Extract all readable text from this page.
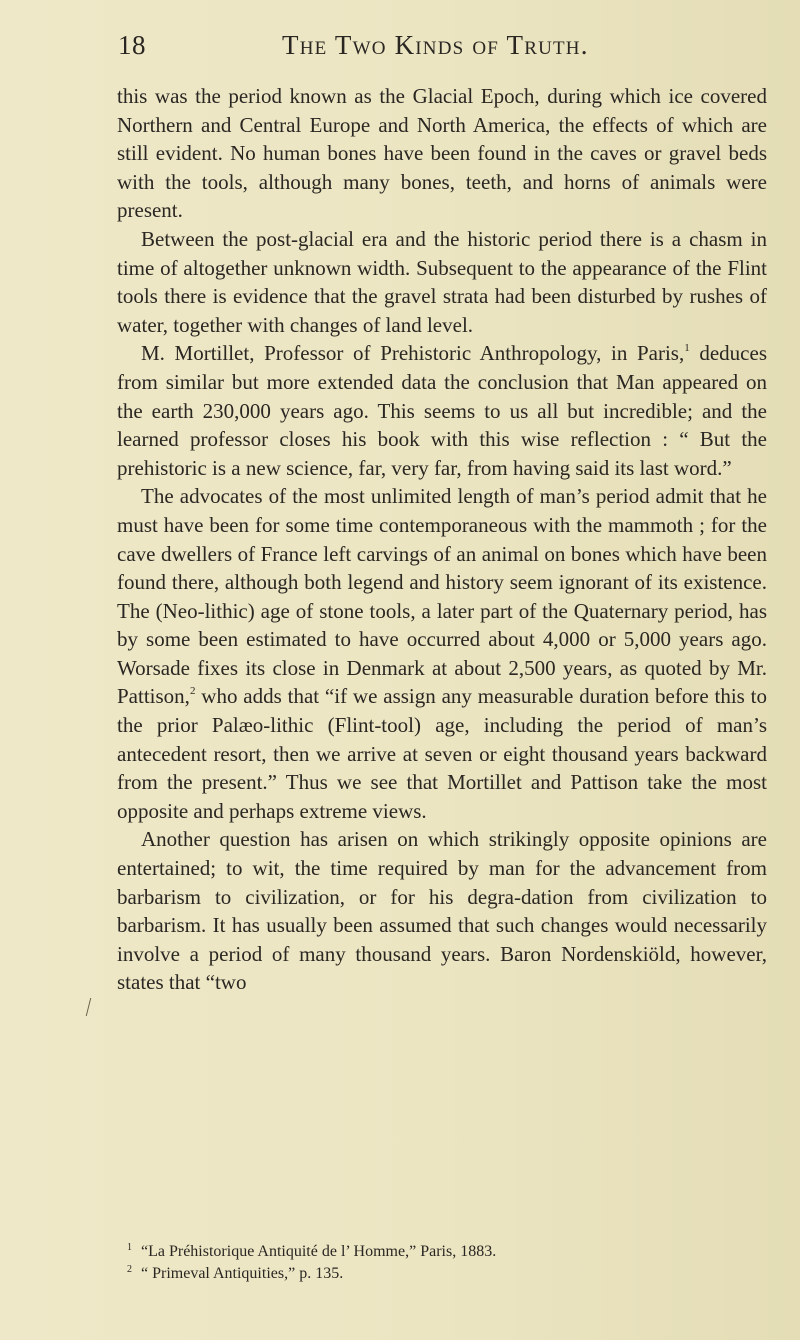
18	The Two Kinds of Truth.

this was the period known as the Glacial Epoch, during which ice covered Northern and Central Europe and North America, the effects of which are still evident. No human bones have been found in the caves or gravel beds with the tools, although many bones, teeth, and horns of animals were present.

Between the post-glacial era and the historic period there is a chasm in time of altogether unknown width. Subsequent to the appearance of the Flint tools there is evidence that the gravel strata had been disturbed by rushes of water, together with changes of land level.

M. Mortillet, Professor of Prehistoric Anthropology, in Paris,$^1$ deduces from similar but more extended data the conclusion that Man appeared on the earth 230,000 years ago. This seems to us all but incredible; and the learned professor closes his book with this wise reflection : “ But the prehistoric is a new science, far, very far, from having said its last word.”

The advocates of the most unlimited length of man’s period admit that he must have been for some time contemporaneous with the mammoth ; for the cave dwellers of France left carvings of an animal on bones which have been found there, although both legend and history seem ignorant of its existence. The (Neo-lithic) age of stone tools, a later part of the Quaternary period, has by some been estimated to have occurred about 4,000 or 5,000 years ago. Worsade fixes its close in Denmark at about 2,500 years, as quoted by Mr. Pattison,$^2$ who adds that “if we assign any measurable duration before this to the prior Palæo-lithic (Flint-tool) age, including the period of man’s antecedent resort, then we arrive at seven or eight thousand years backward from the present.” Thus we see that Mortillet and Pattison take the most opposite and perhaps extreme views.

Another question has arisen on which strikingly opposite opinions are entertained; to wit, the time required by man for the advancement from barbarism to civilization, or for his degra-dation from civilization to barbarism. It has usually been assumed that such changes would necessarily involve a period of many thousand years. Baron Nordenskiöld, however, states that “two

1 “La Préhistorique Antiquité de l’ Homme,” Paris, 1883.
2 “ Primeval Antiquities,” p. 135.
